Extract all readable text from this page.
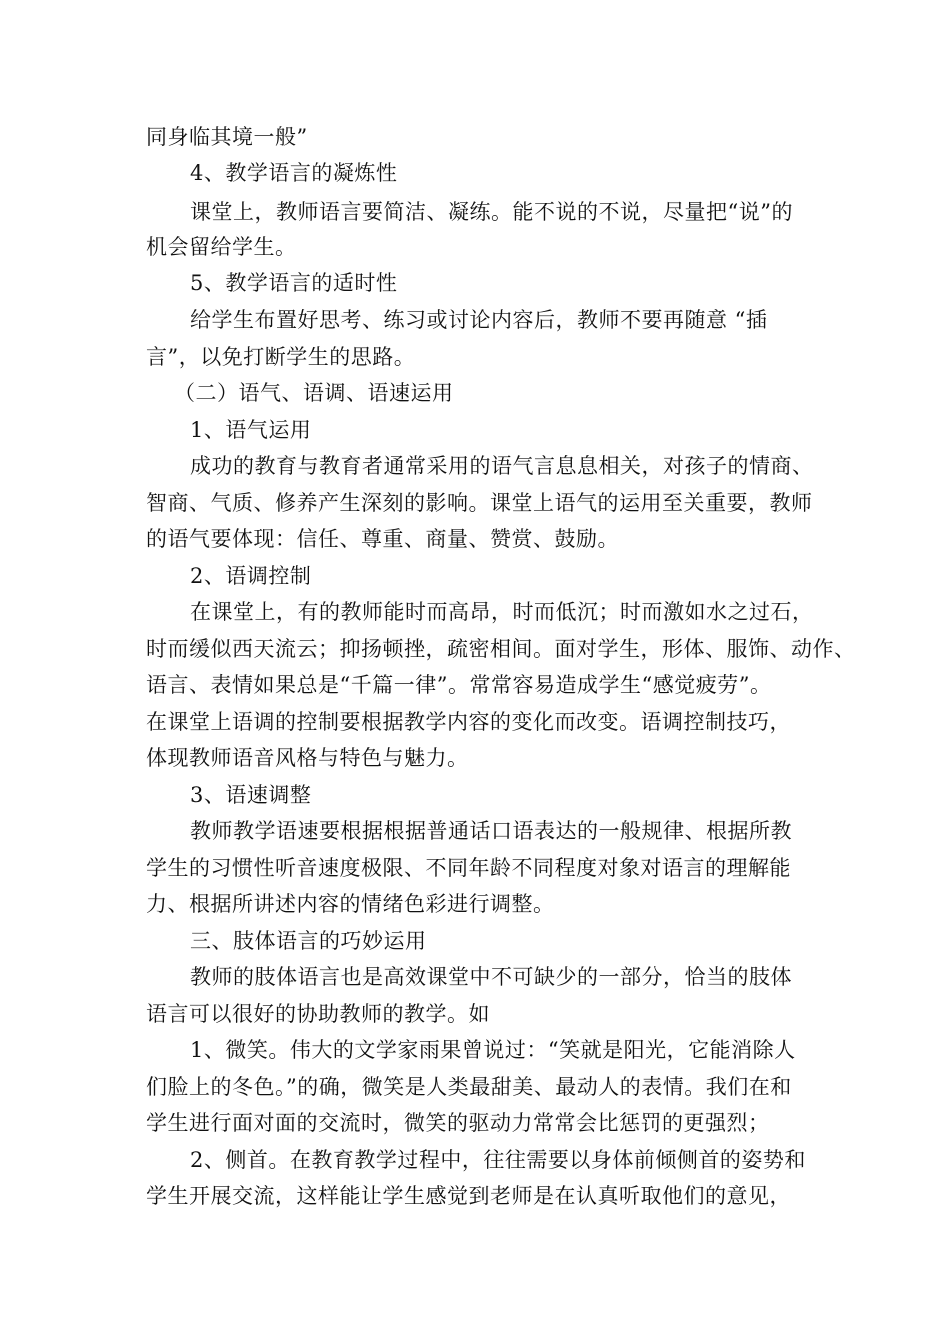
同身临其境一般”
4、教学语言的凝炼性
课堂上，教师语言要简洁、凝练。能不说的不说，尽量把“说”的
机会留给学生。
5、教学语言的适时性
给学生布置好思考、练习或讨论内容后，教师不要再随意 “插
言”，以免打断学生的思路。
（二）语气、语调、语速运用
1、语气运用
成功的教育与教育者通常采用的语气言息息相关，对孩子的情商、
智商、气质、修养产生深刻的影响。课堂上语气的运用至关重要，教师
的语气要体现：信任、尊重、商量、赞赏、鼓励。
2、语调控制
在课堂上，有的教师能时而高昂，时而低沉；时而激如水之过石，
时而缓似西天流云；抑扬顿挫，疏密相间。面对学生，形体、服饰、动作、
语言、表情如果总是“千篇一律”。常常容易造成学生“感觉疲劳”。
在课堂上语调的控制要根据教学内容的变化而改变。语调控制技巧，
体现教师语音风格与特色与魅力。
3、语速调整
教师教学语速要根据根据普通话口语表达的一般规律、根据所教
学生的习惯性听音速度极限、不同年龄不同程度对象对语言的理解能
力、根据所讲述内容的情绪色彩进行调整。
三、肢体语言的巧妙运用
教师的肢体语言也是高效课堂中不可缺少的一部分，恰当的肢体
语言可以很好的协助教师的教学。如
1、微笑。伟大的文学家雨果曾说过：“笑就是阳光，它能消除人
们脸上的冬色。”的确，微笑是人类最甜美、最动人的表情。我们在和
学生进行面对面的交流时，微笑的驱动力常常会比惩罚的更强烈；
2、侧首。在教育教学过程中，往往需要以身体前倾侧首的姿势和
学生开展交流，这样能让学生感觉到老师是在认真听取他们的意见，
